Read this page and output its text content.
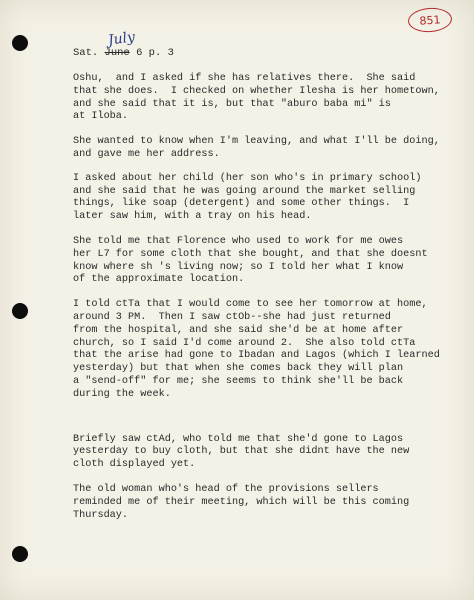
851
July
Sat. June 6 p. 3

Oshu,  and I asked if she has relatives there.  She said
that she does.  I checked on whether Ilesha is her hometown,
and she said that it is, but that "aburo baba mi" is
at Iloba.

She wanted to know when I'm leaving, and what I'll be doing,
and gave me her address.

I asked about her child (her son who's in primary school)
and she said that he was going around the market selling
things, like soap (detergent) and some other things.  I
later saw him, with a tray on his head.

She told me that Florence who used to work for me owes
her L7 for some cloth that she bought, and that she doesnt
know where sh 's living now; so I told her what I know
of the approximate location.

I told ctTa that I would come to see her tomorrow at home,
around 3 PM.  Then I saw ctOb--she had just returned
from the hospital, and she said she'd be at home after
church, so I said I'd come around 2.  She also told ctTa
that the arise had gone to Ibadan and Lagos (which I learned
yesterday) but that when she comes back they will plan
a "send-off" for me; she seems to think she'll be back
during the week.

Briefly saw ctAd, who told me that she'd gone to Lagos
yesterday to buy cloth, but that she didnt have the new
cloth displayed yet.

The old woman who's head of the provisions sellers
reminded me of their meeting, which will be this coming
Thursday.
